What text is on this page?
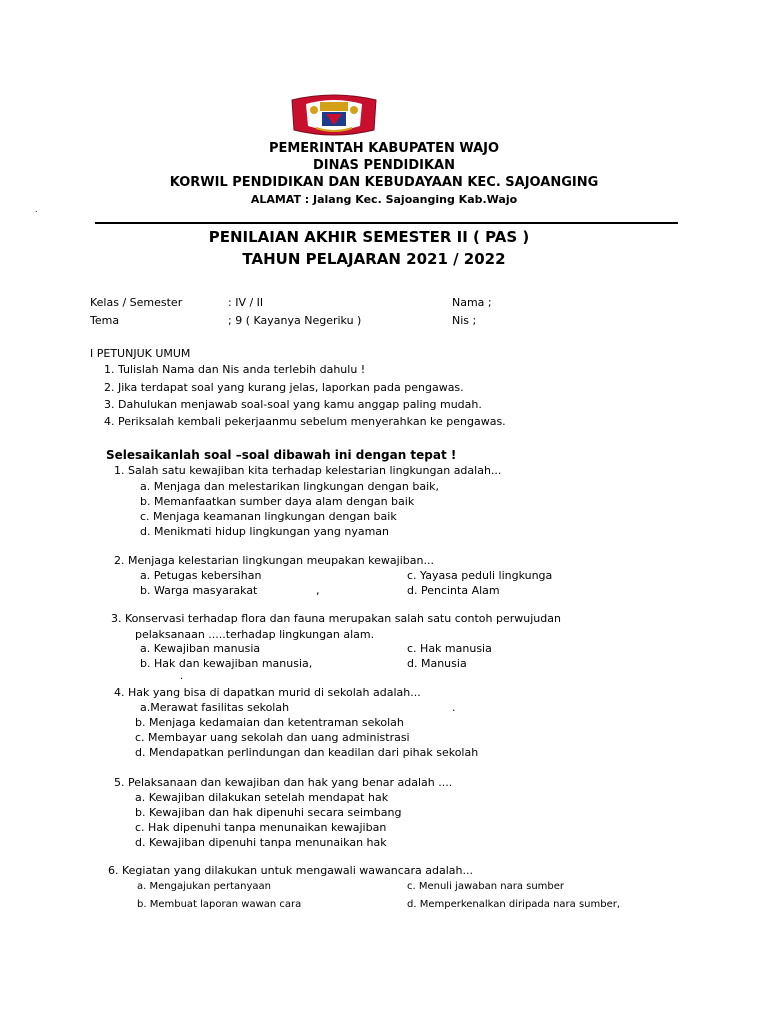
PEMERINTAH KABUPATEN WAJO
DINAS PENDIDIKAN
KORWIL PENDIDIKAN DAN KEBUDAYAAN KEC. SAJOANGING
ALAMAT : Jalang Kec. Sajoanging Kab.Wajo
.
PENILAIAN AKHIR SEMESTER II ( PAS )
TAHUN PELAJARAN 2021 / 2022
Kelas / Semester	: IV / II	Nama ;
Tema	; 9 ( Kayanya Negeriku )	Nis ;
I PETUNJUK UMUM
1. Tulislah Nama dan Nis anda terlebih dahulu !
2. Jika terdapat soal yang kurang jelas, laporkan pada pengawas.
3. Dahulukan menjawab soal-soal yang kamu anggap paling mudah.
4. Periksalah kembali pekerjaanmu sebelum menyerahkan ke pengawas.
Selesaikanlah soal –soal dibawah ini dengan tepat !
1. Salah satu kewajiban kita terhadap kelestarian lingkungan adalah...
a. Menjaga dan melestarikan lingkungan dengan baik,
b. Memanfaatkan sumber daya alam dengan baik
c. Menjaga keamanan lingkungan dengan baik
d. Menikmati hidup lingkungan yang nyaman
2. Menjaga kelestarian lingkungan meupakan kewajiban...
a. Petugas kebersihan	c. Yayasa peduli lingkunga
b. Warga masyarakat	,	d. Pencinta Alam
3. Konservasi terhadap flora dan fauna merupakan salah satu contoh perwujudan
pelaksanaan .....terhadap lingkungan alam.
a. Kewajiban manusia	c. Hak manusia
b. Hak dan kewajiban manusia,	d. Manusia
.
4. Hak yang bisa di dapatkan murid di sekolah adalah...
a.Merawat fasilitas sekolah	.
b. Menjaga kedamaian dan ketentraman sekolah
c. Membayar uang sekolah dan uang administrasi
d. Mendapatkan perlindungan dan keadilan dari pihak sekolah
5. Pelaksanaan dan kewajiban dan hak yang benar adalah ....
a. Kewajiban dilakukan setelah mendapat hak
b. Kewajiban dan hak dipenuhi secara seimbang
c. Hak dipenuhi tanpa menunaikan kewajiban
d. Kewajiban dipenuhi tanpa menunaikan hak
6. Kegiatan yang dilakukan untuk mengawali wawancara adalah...
a. Mengajukan pertanyaan	c. Menuli jawaban nara sumber
b. Membuat laporan wawan cara	d. Memperkenalkan diripada nara sumber,
